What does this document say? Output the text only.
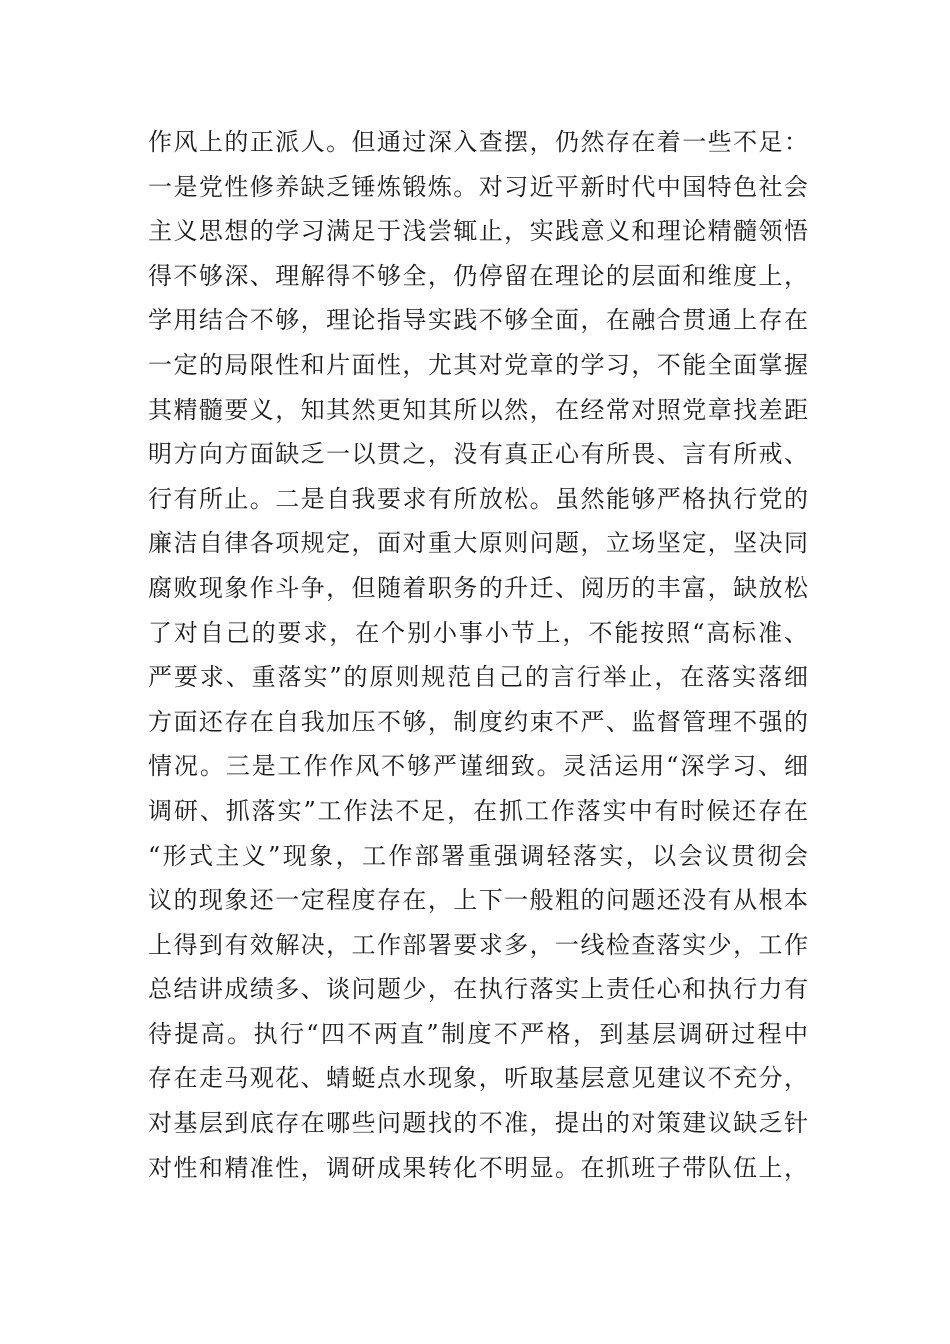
作风上的正派人。但通过深入查摆，仍然存在着一些不足：
一是党性修养缺乏锤炼锻炼。对习近平新时代中国特色社会
主义思想的学习满足于浅尝辄止，实践意义和理论精髓领悟
得不够深、理解得不够全，仍停留在理论的层面和维度上，
学用结合不够，理论指导实践不够全面，在融合贯通上存在
一定的局限性和片面性，尤其对党章的学习，不能全面掌握
其精髓要义，知其然更知其所以然，在经常对照党章找差距
明方向方面缺乏一以贯之，没有真正心有所畏、言有所戒、
行有所止。二是自我要求有所放松。虽然能够严格执行党的
廉洁自律各项规定，面对重大原则问题，立场坚定，坚决同
腐败现象作斗争，但随着职务的升迁、阅历的丰富，缺放松
了对自己的要求，在个别小事小节上，不能按照“高标准、
严要求、重落实”的原则规范自己的言行举止，在落实落细
方面还存在自我加压不够，制度约束不严、监督管理不强的
情况。三是工作作风不够严谨细致。灵活运用“深学习、细
调研、抓落实”工作法不足，在抓工作落实中有时候还存在
“形式主义”现象，工作部署重强调轻落实，以会议贯彻会
议的现象还一定程度存在，上下一般粗的问题还没有从根本
上得到有效解决，工作部署要求多，一线检查落实少，工作
总结讲成绩多、谈问题少，在执行落实上责任心和执行力有
待提高。执行“四不两直”制度不严格，到基层调研过程中
存在走马观花、蜻蜓点水现象，听取基层意见建议不充分，
对基层到底存在哪些问题找的不准，提出的对策建议缺乏针
对性和精准性，调研成果转化不明显。在抓班子带队伍上，
